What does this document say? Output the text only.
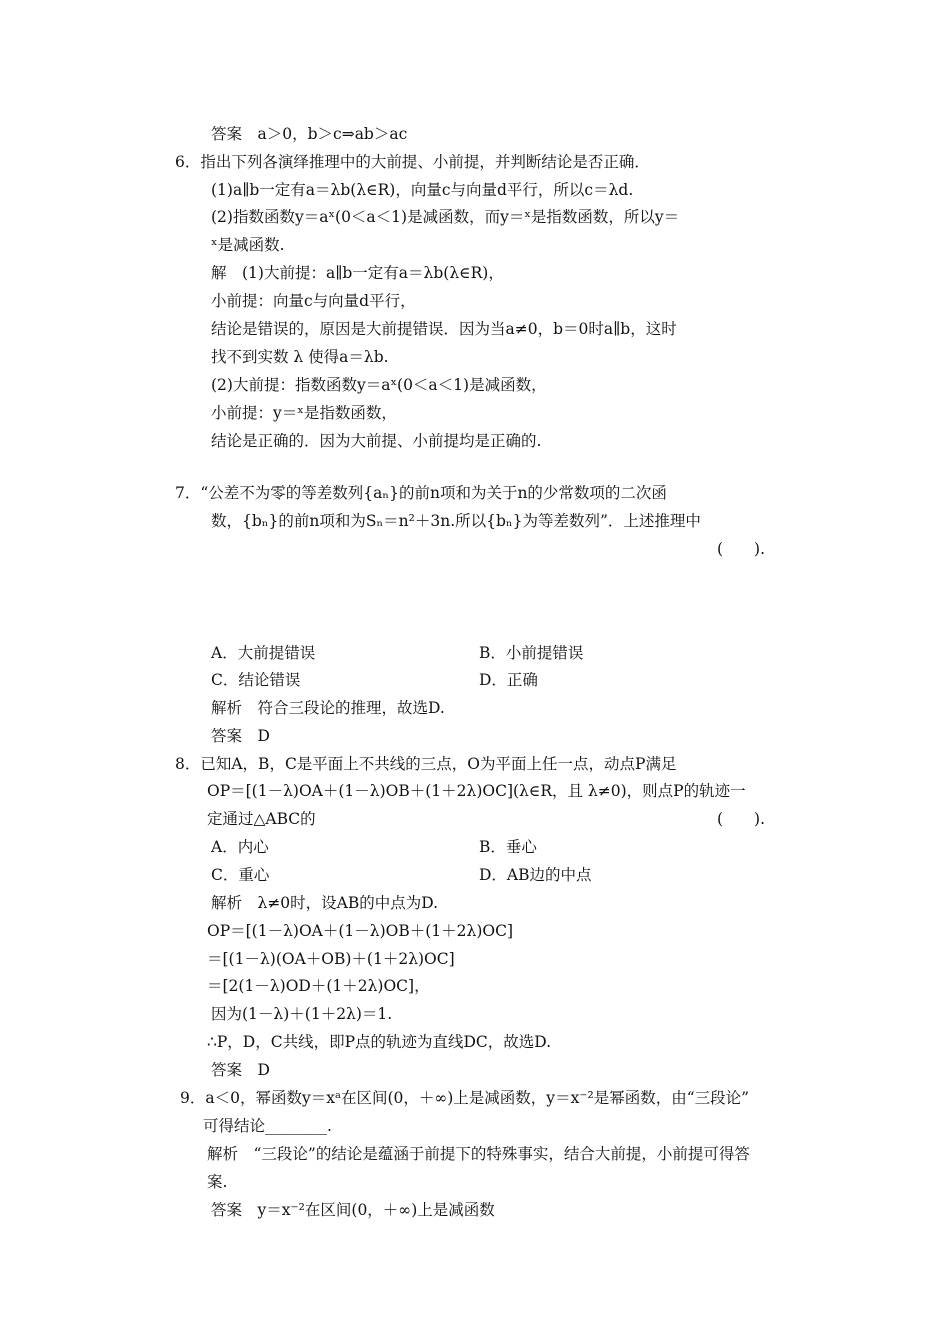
答案　a＞0，b＞c⇒ab＞ac
6．指出下列各演绎推理中的大前提、小前提，并判断结论是否正确．
(1)a∥b一定有a＝λb(λ∈R)，向量c与向量d平行，所以c＝λd.
(2)指数函数y＝aˣ(0＜a＜1)是减函数，而y＝ˣ是指数函数，所以y＝
ˣ是减函数.
解　(1)大前提：a∥b一定有a＝λb(λ∈R)，
小前提：向量c与向量d平行，
结论是错误的，原因是大前提错误．因为当a≠0，b＝0时a∥b，这时
找不到实数 λ 使得a＝λb.
(2)大前提：指数函数y＝aˣ(0＜a＜1)是减函数，
小前提：y＝ˣ是指数函数，
结论是正确的．因为大前提、小前提均是正确的.
7．“公差不为零的等差数列{aₙ}的前n项和为关于n的少常数项的二次函
数，{bₙ}的前n项和为Sₙ＝n²＋3n.所以{bₙ}为等差数列”．上述推理中
(　　).
A．大前提错误	B．小前提错误
C．结论错误	D．正确
解析　符合三段论的推理，故选D.
答案　D
8．已知A，B，C是平面上不共线的三点，O为平面上任一点，动点P满足
OP＝[(1－λ)OA＋(1－λ)OB＋(1＋2λ)OC](λ∈R，且 λ≠0)，则点P的轨迹一
定通过△ABC的	(　　).
A．内心	B．垂心
C．重心	D．AB边的中点
解析　λ≠0时，设AB的中点为D.
OP＝[(1－λ)OA＋(1－λ)OB＋(1＋2λ)OC]
＝[(1－λ)(OA＋OB)＋(1＋2λ)OC]
＝[2(1－λ)OD＋(1＋2λ)OC]，
因为(1－λ)＋(1＋2λ)＝1.
∴P，D，C共线，即P点的轨迹为直线DC，故选D.
答案　D
9．a＜0，幂函数y＝xᵃ在区间(0，＋∞)上是减函数，y＝x⁻²是幂函数，由“三段论”
可得结论________.
解析　“三段论”的结论是蕴涵于前提下的特殊事实，结合大前提，小前提可得答
案.
答案　y＝x⁻²在区间(0，＋∞)上是减函数
